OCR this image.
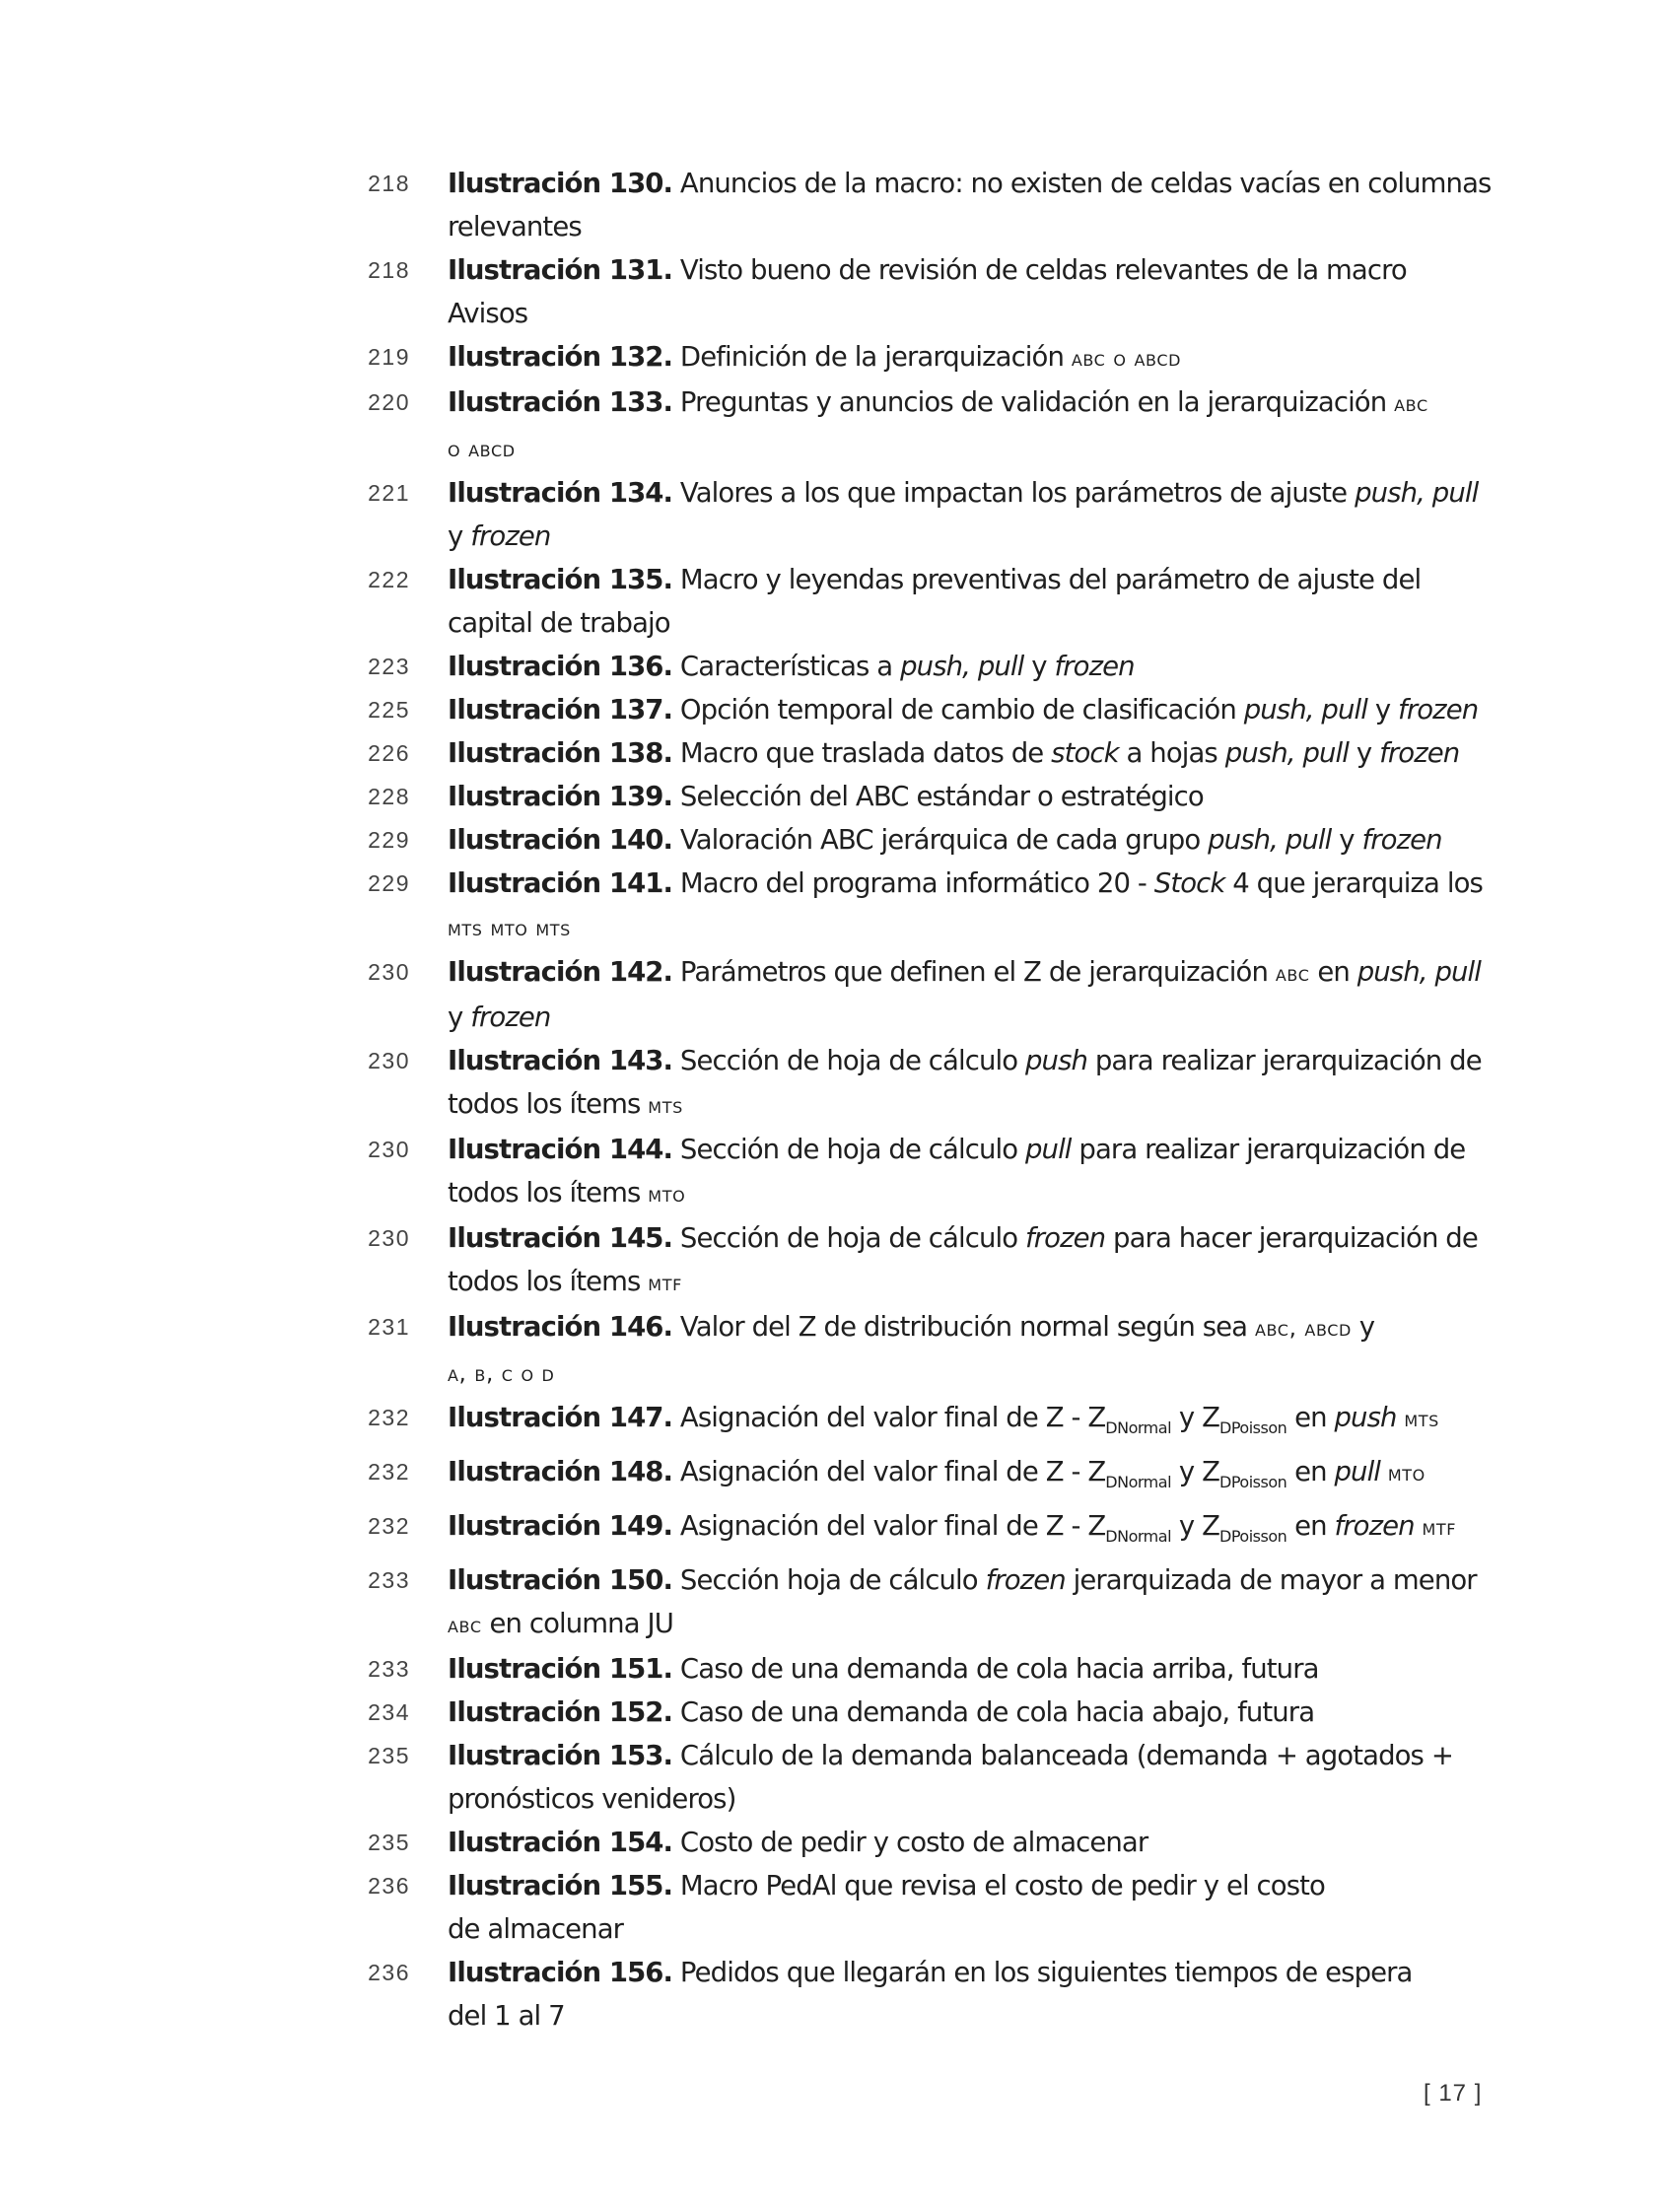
218 Ilustración 130. Anuncios de la macro: no existen de celdas vacías en columnas relevantes
218 Ilustración 131. Visto bueno de revisión de celdas relevantes de la macro Avisos
219 Ilustración 132. Definición de la jerarquización abc o abcd
220 Ilustración 133. Preguntas y anuncios de validación en la jerarquización abc
o abcd
221 Ilustración 134. Valores a los que impactan los parámetros de ajuste push, pull y frozen
222 Ilustración 135. Macro y leyendas preventivas del parámetro de ajuste del capital de trabajo
223 Ilustración 136. Características a push, pull y frozen
225 Ilustración 137. Opción temporal de cambio de clasificación push, pull y frozen
226 Ilustración 138. Macro que traslada datos de stock a hojas push, pull y frozen
228 Ilustración 139. Selección del ABC estándar o estratégico
229 Ilustración 140. Valoración ABC jerárquica de cada grupo push, pull y frozen
229 Ilustración 141. Macro del programa informático 20 - Stock 4 que jerarquiza los mts mto mts
230 Ilustración 142. Parámetros que definen el Z de jerarquización abc en push, pull y frozen
230 Ilustración 143. Sección de hoja de cálculo push para realizar jerarquización de todos los ítems mts
230 Ilustración 144. Sección de hoja de cálculo pull para realizar jerarquización de todos los ítems mto
230 Ilustración 145. Sección de hoja de cálculo frozen para hacer jerarquización de todos los ítems mtf
231 Ilustración 146. Valor del Z de distribución normal según sea abc, abcd y
a, b, c o d
232 Ilustración 147. Asignación del valor final de Z - $Z_{DNormal}$ y $Z_{DPoisson}$ en push mts
232 Ilustración 148. Asignación del valor final de Z - $Z_{DNormal}$ y $Z_{DPoisson}$ en pull mto
232 Ilustración 149. Asignación del valor final de Z - $Z_{DNormal}$ y $Z_{DPoisson}$ en frozen mtf
233 Ilustración 150. Sección hoja de cálculo frozen jerarquizada de mayor a menor abc en columna JU
233 Ilustración 151. Caso de una demanda de cola hacia arriba, futura
234 Ilustración 152. Caso de una demanda de cola hacia abajo, futura
235 Ilustración 153. Cálculo de la demanda balanceada (demanda + agotados + pronósticos venideros)
235 Ilustración 154. Costo de pedir y costo de almacenar
236 Ilustración 155. Macro PedAl que revisa el costo de pedir y el costo
de almacenar
236 Ilustración 156. Pedidos que llegarán en los siguientes tiempos de espera
del 1 al 7
[ 17 ]
